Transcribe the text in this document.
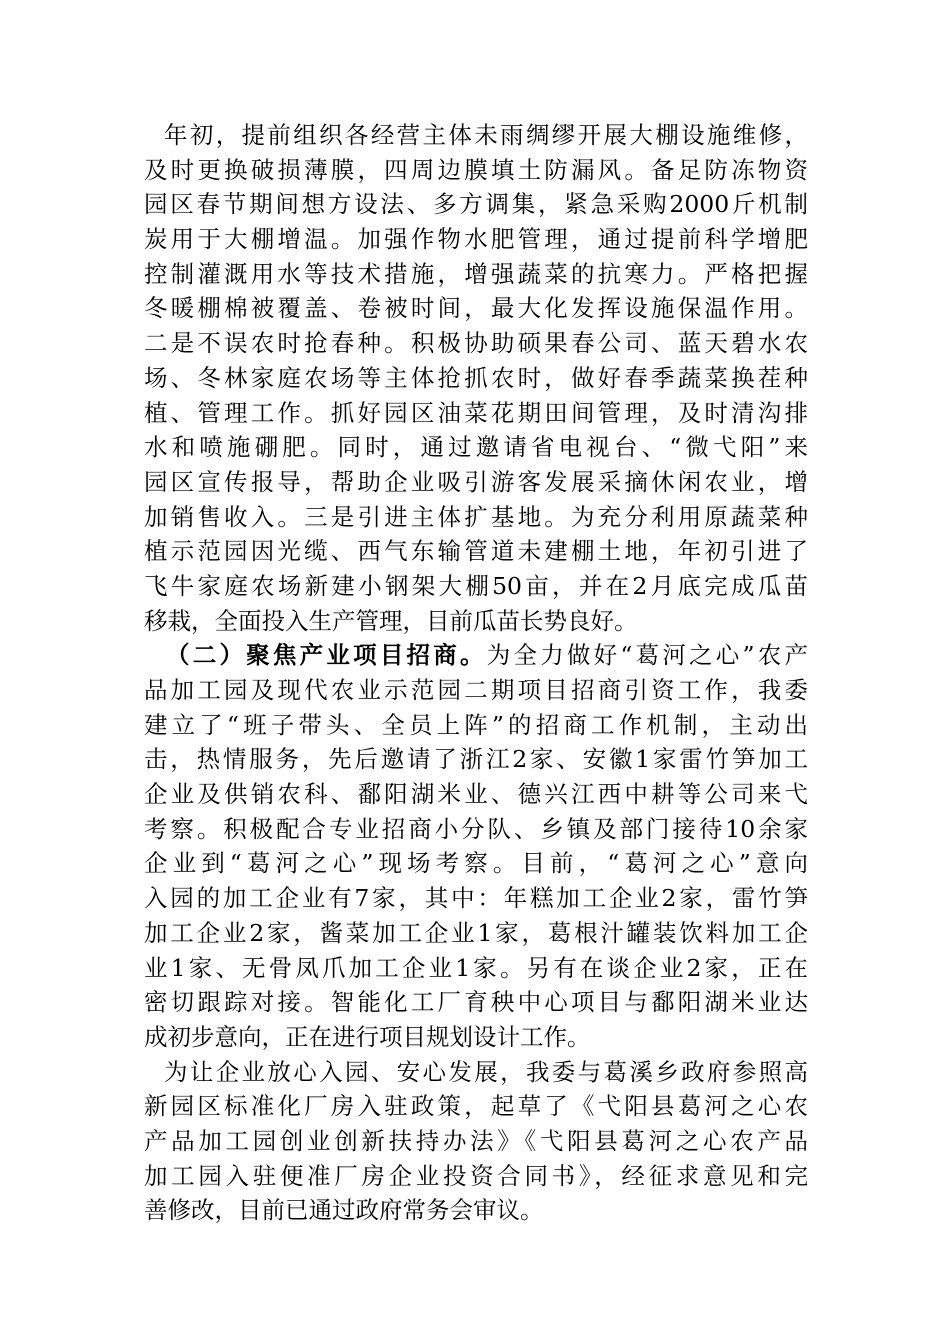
年初，提前组织各经营主体未雨绸缪开展大棚设施维修，
及时更换破损薄膜，四周边膜填土防漏风。备足防冻物资
园区春节期间想方设法、多方调集，紧急采购2000斤机制
炭用于大棚增温。加强作物水肥管理，通过提前科学增肥
控制灌溉用水等技术措施，增强蔬菜的抗寒力。严格把握
冬暖棚棉被覆盖、卷被时间，最大化发挥设施保温作用。
二是不误农时抢春种。积极协助硕果春公司、蓝天碧水农
场、冬林家庭农场等主体抢抓农时，做好春季蔬菜换茬种
植、管理工作。抓好园区油菜花期田间管理，及时清沟排
水和喷施硼肥。同时，通过邀请省电视台、“微弋阳”来
园区宣传报导，帮助企业吸引游客发展采摘休闲农业，增
加销售收入。三是引进主体扩基地。为充分利用原蔬菜种
植示范园因光缆、西气东输管道未建棚土地，年初引进了
飞牛家庭农场新建小钢架大棚50亩，并在2月底完成瓜苗
移栽，全面投入生产管理，目前瓜苗长势良好。
（二）聚焦产业项目招商。为全力做好“葛河之心”农产
品加工园及现代农业示范园二期项目招商引资工作，我委
建立了“班子带头、全员上阵”的招商工作机制，主动出
击，热情服务，先后邀请了浙江2家、安徽1家雷竹笋加工
企业及供销农科、鄱阳湖米业、德兴江西中耕等公司来弋
考察。积极配合专业招商小分队、乡镇及部门接待10余家
企业到“葛河之心”现场考察。目前，“葛河之心”意向
入园的加工企业有7家，其中：年糕加工企业2家，雷竹笋
加工企业2家，酱菜加工企业1家，葛根汁罐装饮料加工企
业1家、无骨凤爪加工企业1家。另有在谈企业2家，正在
密切跟踪对接。智能化工厂育秧中心项目与鄱阳湖米业达
成初步意向，正在进行项目规划设计工作。
为让企业放心入园、安心发展，我委与葛溪乡政府参照高
新园区标准化厂房入驻政策，起草了《弋阳县葛河之心农
产品加工园创业创新扶持办法》《弋阳县葛河之心农产品
加工园入驻便准厂房企业投资合同书》，经征求意见和完
善修改，目前已通过政府常务会审议。
